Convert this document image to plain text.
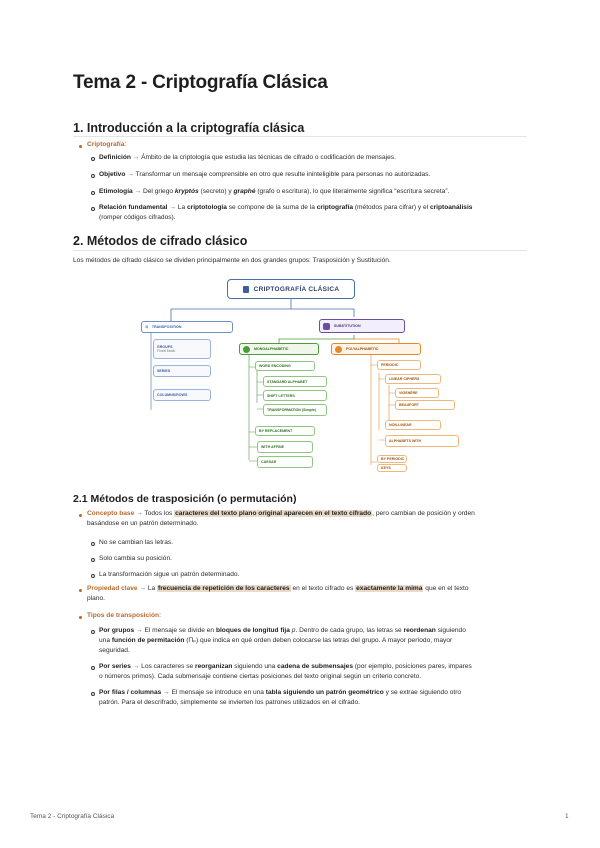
Tema 2 - Criptografía Clásica
1. Introducción a la criptografía clásica
Criptografía:
Definición → Ámbito de la criptología que estudia las técnicas de cifrado o codificación de mensajes.
Objetivo → Transformar un mensaje comprensible en otro que resulte ininteligible para personas no autorizadas.
Etimología → Del griego kryptós (secreto) y graphé (grafo o escritura), lo que literalmente significa “escritura secreta”.
Relación fundamental → La criptotología se compone de la suma de la criptografía (métodos para cifrar) y el criptoanálisis
(romper códigos cifrados).
2. Métodos de cifrado clásico
Los métodos de cifrado clásico se dividen principalmente en dos grandes grupos: Trasposición y Sustitución.
CRIPTOGRAFÍA CLÁSICA
⤨ TRANSPOSITION
GROUPS
Fixed block
SERIES
COLUMNS/ROWS
SUBSTITUTION
MONOALPHABETIC
WORD ENCODING
STANDARD ALPHABET
SHIFT LETTERS
TRANSFORMATION (Simple)
BY REPLACEMENT
WITH AFFINE
CAESAR
POLYALPHABETIC
PERIODIC
LINEAR CIPHERS
VIGENÈRE
BEAUFORT
NON-LINEAR
ALPHABETS WITH
BY PERIODIC
KEYS
2.1 Métodos de trasposición (o permutación)
Concepto base → Todos los caracteres del texto plano original aparecen en el texto cifrado, pero cambian de posición y orden
basándose en un patrón determinado.
No se cambian las letras.
Solo cambia su posición.
La transformación sigue un patrón determinado.
Propiedad clave → La frecuencia de repetición de los caracteres en el texto cifrado es exactamente la mima que en el texto
plano.
Tipos de transposición:
Por grupos → El mensaje se divide en bloques de longitud fija p. Dentro de cada grupo, las letras se reordenan siguiendo
una función de permitación (Πₚ) que indica en qué orden deben colocarse las letras del grupo. A mayor período, mayor
seguridad.
Por series → Los caracteres se reorganizan siguiendo una cadena de submensajes (por ejemplo, posiciones pares, impares
o números primos). Cada submensaje contiene ciertas posiciones del texto original según un criterio concreto.
Por filas / columnas → El mensaje se introduce en una tabla siguiendo un patrón geométrico y se extrae siguiendo otro
patrón. Para el descrifrado, simplemente se invierten los patrones utilizados en el cifrado.
Tema 2 - Criptografía Clásica	1
